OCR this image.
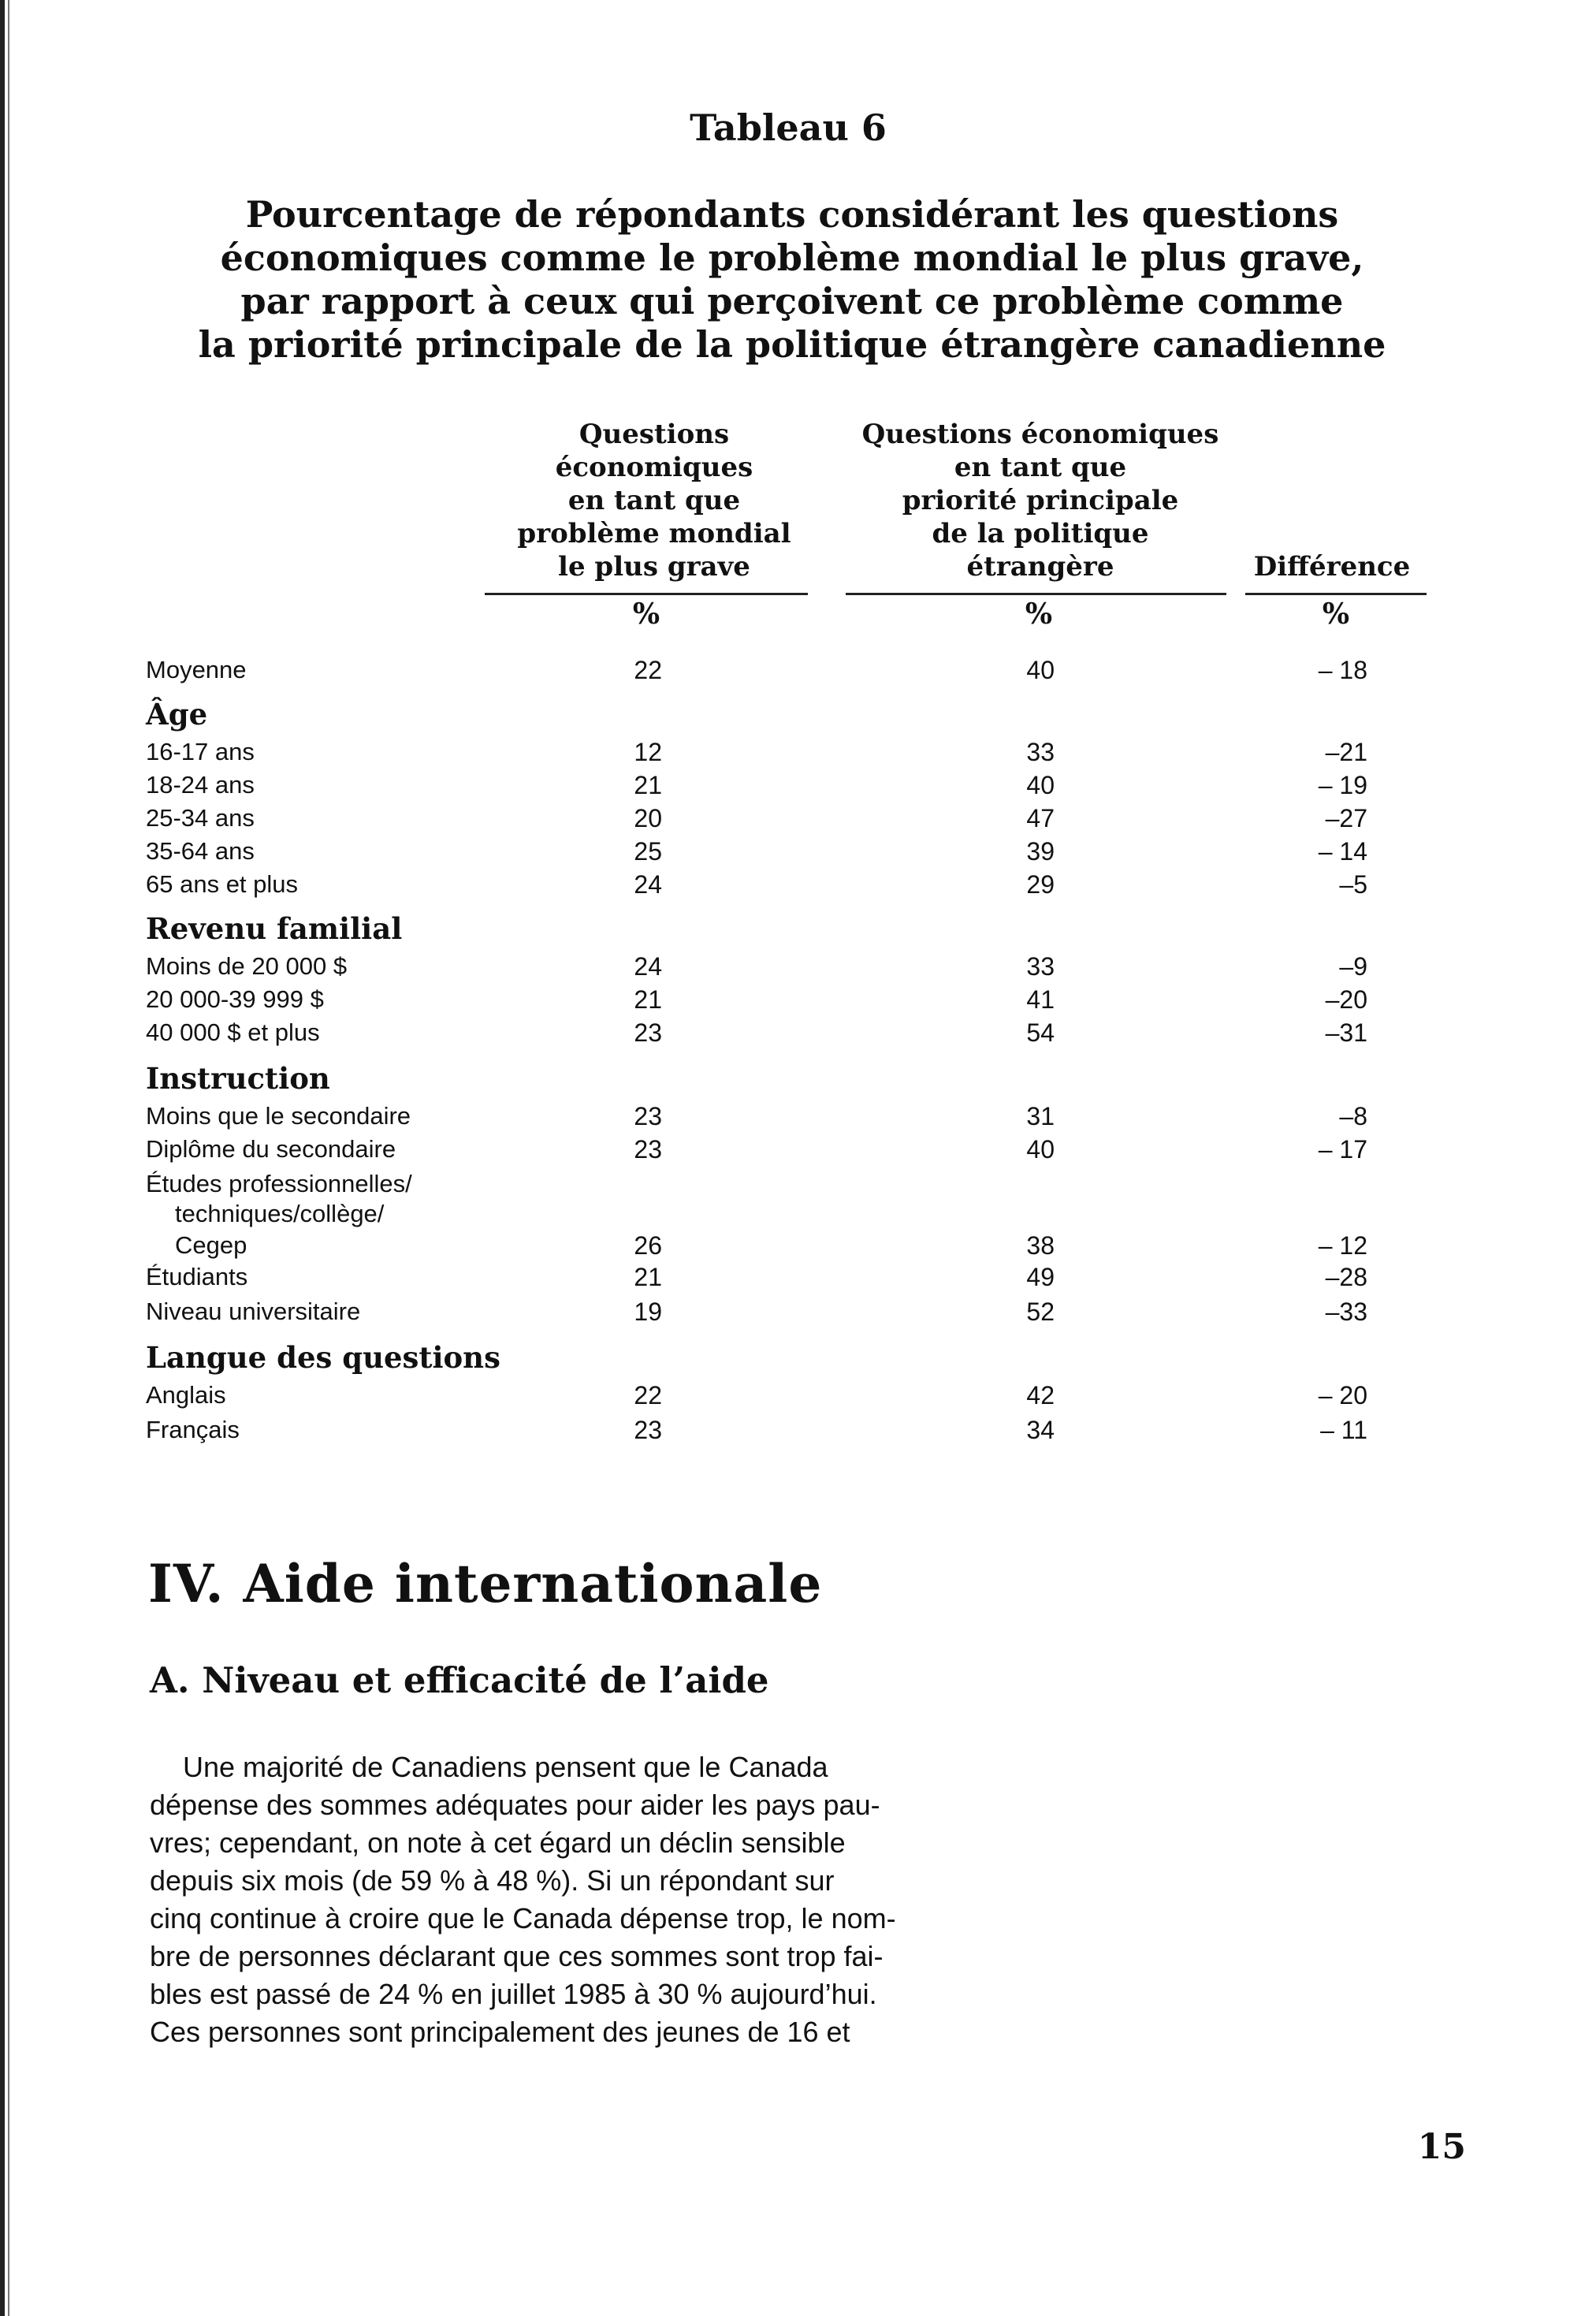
Tableau 6
Pourcentage de répondants considérant les questions
économiques comme le problème mondial le plus grave,
par rapport à ceux qui perçoivent ce problème comme
la priorité principale de la politique étrangère canadienne
Questions
économiques
en tant que
problème mondial
le plus grave
Questions économiques
en tant que
priorité principale
de la politique
étrangère	Différence
%	%	%
Moyenne	22	40	– 18
Âge
16-17 ans	12	33	–21
18-24 ans	21	40	– 19
25-34 ans	20	47	–27
35-64 ans	25	39	– 14
65 ans et plus	24	29	–5
Revenu familial
Moins de 20 000 $	24	33	–9
20 000-39 999 $	21	41	–20
40 000 $ et plus	23	54	–31
Instruction
Moins que le secondaire	23	31	–8
Diplôme du secondaire	23	40	– 17
Études professionnelles/
techniques/collège/
Cegep	26	38	– 12
Étudiants	21	49	–28
Niveau universitaire	19	52	–33
Langue des questions
Anglais	22	42	– 20
Français	23	34	– 11
IV. Aide internationale
A. Niveau et efficacité de l’aide

Une majorité de Canadiens pensent que le Canada
dépense des sommes adéquates pour aider les pays pau-
vres; cependant, on note à cet égard un déclin sensible
depuis six mois (de 59 % à 48 %). Si un répondant sur
cinq continue à croire que le Canada dépense trop, le nom-
bre de personnes déclarant que ces sommes sont trop fai-
bles est passé de 24 % en juillet 1985 à 30 % aujourd’hui.
Ces personnes sont principalement des jeunes de 16 et

15
